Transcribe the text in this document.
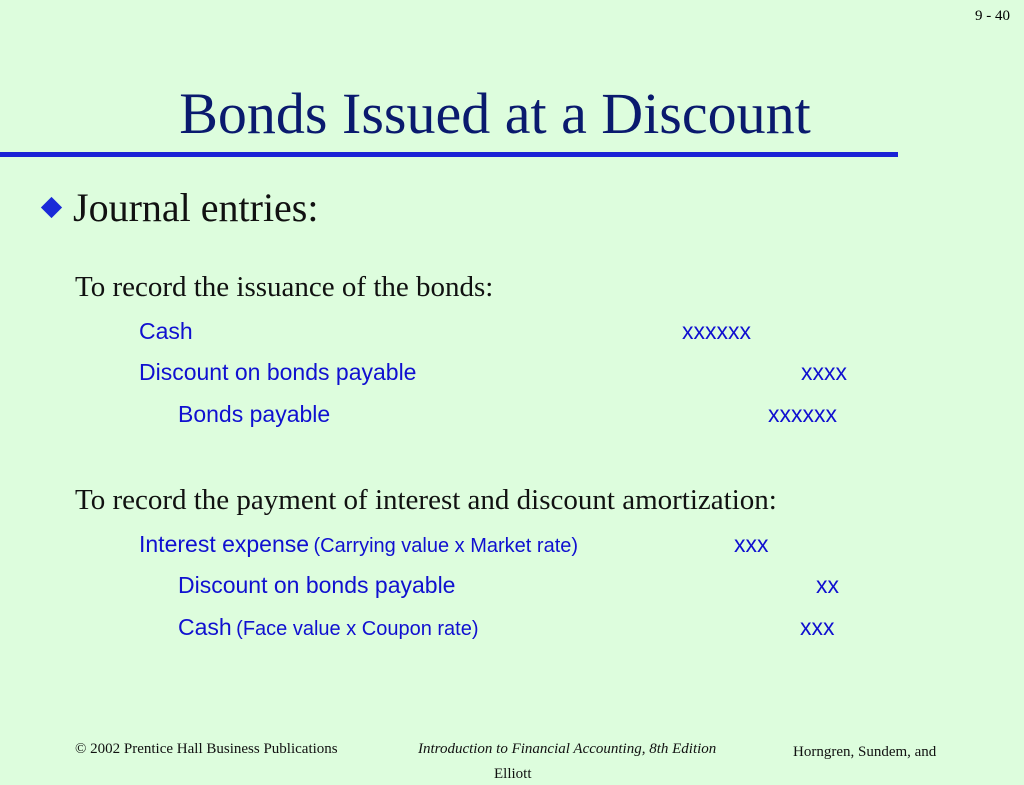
9 - 40
Bonds Issued at a Discount
Journal entries:
To record the issuance of the bonds:
Cash	xxxxxx
Discount on bonds payable	xxxx
Bonds payable	xxxxxx
To record the payment of interest and discount amortization:
Interest expense (Carrying value x Market rate)	xxx
Discount on bonds payable	xx
Cash (Face value x Coupon rate)	xxx
© 2002 Prentice Hall Business Publications	Introduction to Financial Accounting, 8th Edition	Horngren, Sundem, and Elliott
